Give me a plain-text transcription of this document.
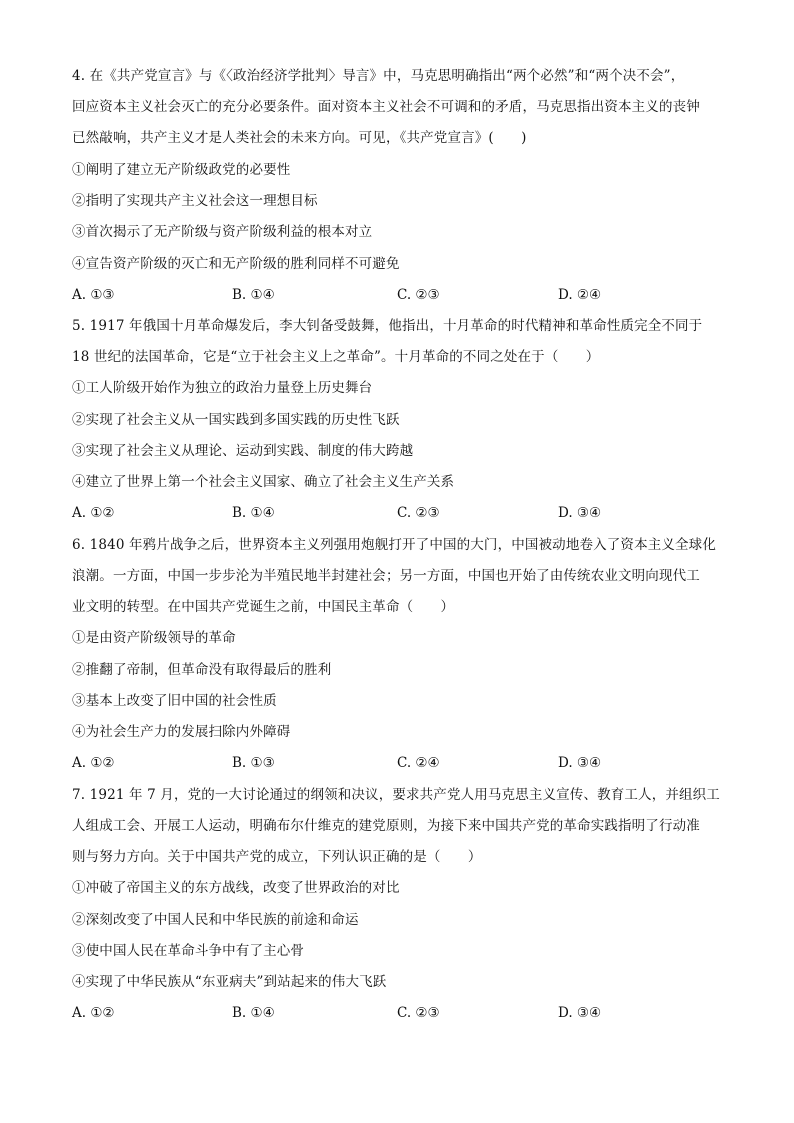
4. 在《共产党宣言》与《〈政治经济学批判〉导言》中，马克思明确指出“两个必然”和“两个决不会”，
回应资本主义社会灭亡的充分必要条件。面对资本主义社会不可调和的矛盾，马克思指出资本主义的丧钟
已然敲响，共产主义才是人类社会的未来方向。可见，《共产党宣言》(　　)
①阐明了建立无产阶级政党的必要性
②指明了实现共产主义社会这一理想目标
③首次揭示了无产阶级与资产阶级利益的根本对立
④宣告资产阶级的灭亡和无产阶级的胜利同样不可避免
A. ①③	B. ①④	C. ②③	D. ②④
5. 1917 年俄国十月革命爆发后，李大钊备受鼓舞，他指出，十月革命的时代精神和革命性质完全不同于
18 世纪的法国革命，它是“立于社会主义上之革命”。十月革命的不同之处在于（　　）
①工人阶级开始作为独立的政治力量登上历史舞台
②实现了社会主义从一国实践到多国实践的历史性飞跃
③实现了社会主义从理论、运动到实践、制度的伟大跨越
④建立了世界上第一个社会主义国家、确立了社会主义生产关系
A. ①②	B. ①④	C. ②③	D. ③④
6. 1840 年鸦片战争之后，世界资本主义列强用炮舰打开了中国的大门，中国被动地卷入了资本主义全球化
浪潮。一方面，中国一步步沦为半殖民地半封建社会；另一方面，中国也开始了由传统农业文明向现代工
业文明的转型。在中国共产党诞生之前，中国民主革命（　　）
①是由资产阶级领导的革命
②推翻了帝制，但革命没有取得最后的胜利
③基本上改变了旧中国的社会性质
④为社会生产力的发展扫除内外障碍
A. ①②	B. ①③	C. ②④	D. ③④
7. 1921 年 7 月，党的一大讨论通过的纲领和决议，要求共产党人用马克思主义宣传、教育工人，并组织工
人组成工会、开展工人运动，明确布尔什维克的建党原则，为接下来中国共产党的革命实践指明了行动准
则与努力方向。关于中国共产党的成立，下列认识正确的是（　　）
①冲破了帝国主义的东方战线，改变了世界政治的对比
②深刻改变了中国人民和中华民族的前途和命运
③使中国人民在革命斗争中有了主心骨
④实现了中华民族从“东亚病夫”到站起来的伟大飞跃
A. ①②	B. ①④	C. ②③	D. ③④
